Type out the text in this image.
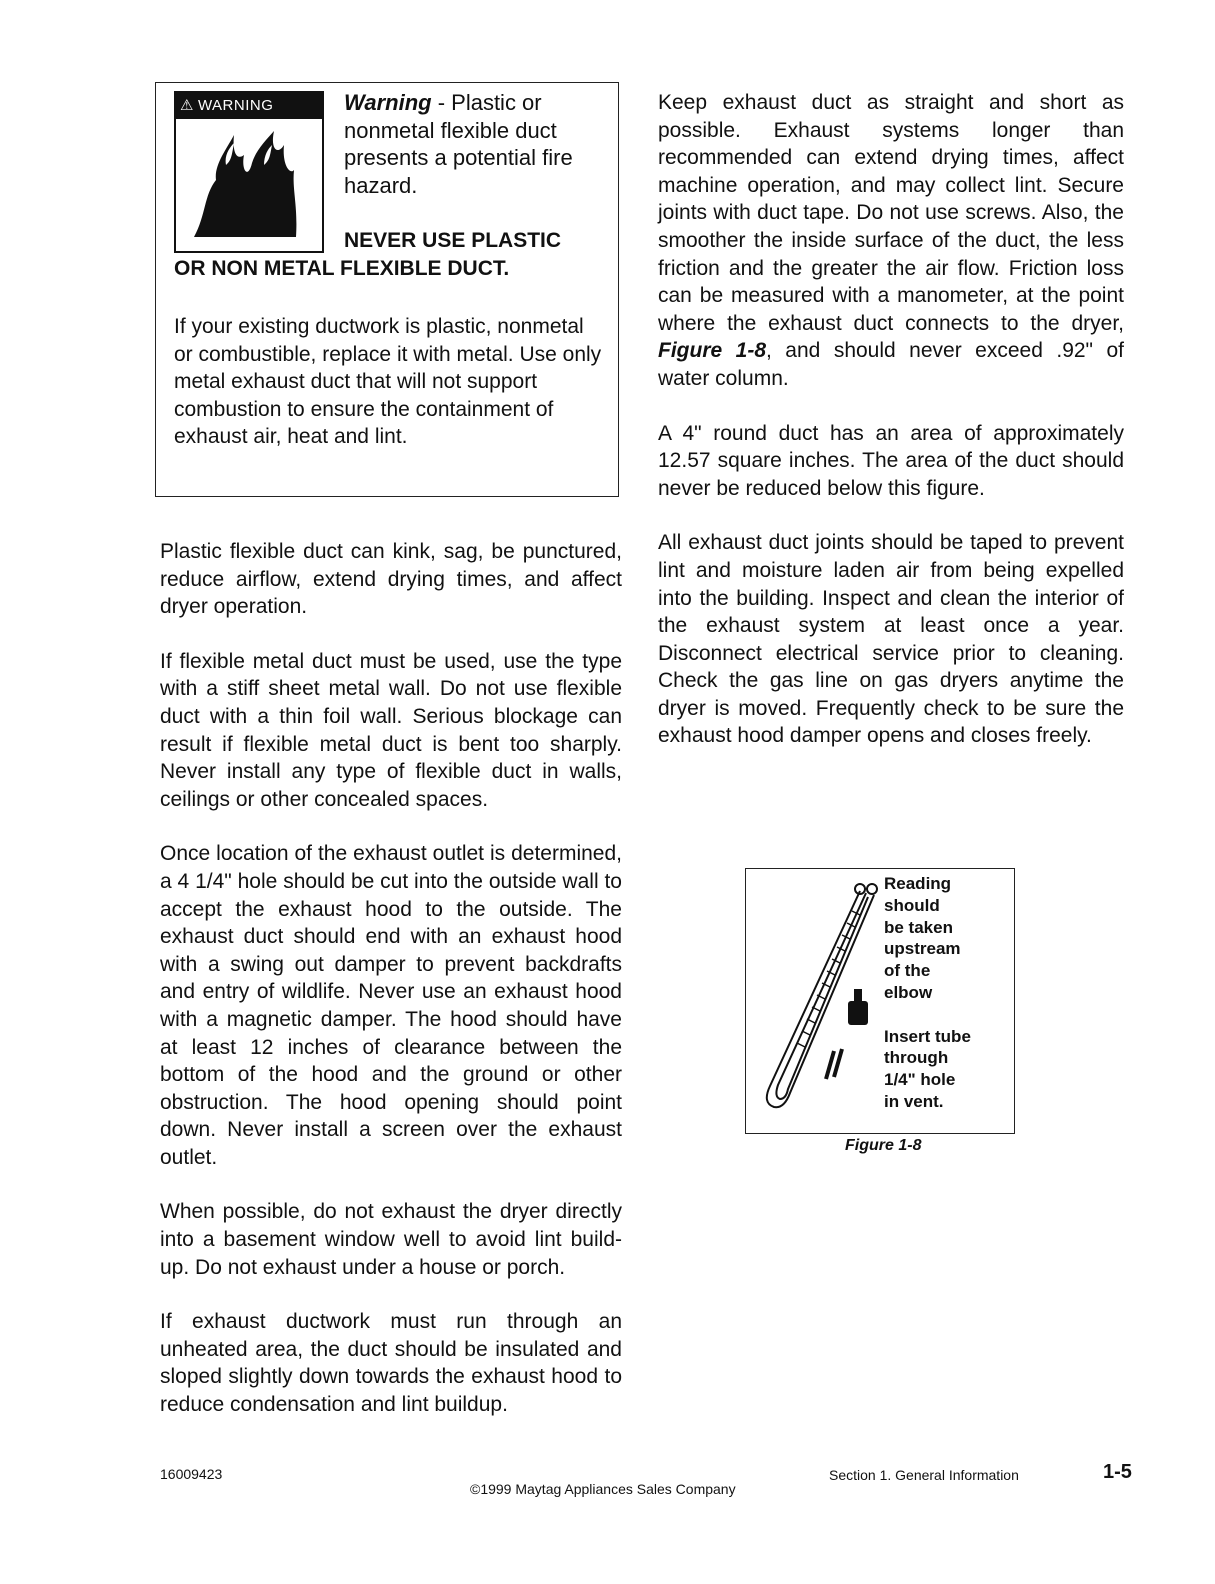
⚠ WARNING	Warning - Plastic or nonmetal flexible duct presents a potential fire hazard.
NEVER USE PLASTIC
OR NON METAL FLEXIBLE DUCT.
If your existing ductwork is plastic, nonmetal or combustible, replace it with metal. Use only metal exhaust duct that will not support combustion to ensure the containment of exhaust air, heat and lint.

Plastic flexible duct can kink, sag, be punctured, reduce airflow, extend drying times, and affect dryer operation.

If flexible metal duct must be used, use the type with a stiff sheet metal wall. Do not use flexible duct with a thin foil wall. Serious blockage can result if flexible metal duct is bent too sharply. Never install any type of flexible duct in walls, ceilings or other concealed spaces.

Once location of the exhaust outlet is determined, a 4 1/4" hole should be cut into the outside wall to accept the exhaust hood to the outside. The exhaust duct should end with an exhaust hood with a swing out damper to prevent backdrafts and entry of wildlife. Never use an exhaust hood with a magnetic damper. The hood should have at least 12 inches of clearance between the bottom of the hood and the ground or other obstruction. The hood opening should point down. Never install a screen over the exhaust outlet.

When possible, do not exhaust the dryer directly into a basement window well to avoid lint build-up. Do not exhaust under a house or porch.

If exhaust ductwork must run through an unheated area, the duct should be insulated and sloped slightly down towards the exhaust hood to reduce condensation and lint buildup.

Keep exhaust duct as straight and short as possible. Exhaust systems longer than recommended can extend drying times, affect machine operation, and may collect lint. Secure joints with duct tape. Do not use screws. Also, the smoother the inside surface of the duct, the less friction and the greater the air flow. Friction loss can be measured with a manometer, at the point where the exhaust duct connects to the dryer, Figure 1-8, and should never exceed .92" of water column.

A 4" round duct has an area of approximately 12.57 square inches. The area of the duct should never be reduced below this figure.

All exhaust duct joints should be taped to prevent lint and moisture laden air from being expelled into the building. Inspect and clean the interior of the exhaust system at least once a year. Disconnect electrical service prior to cleaning. Check the gas line on gas dryers anytime the dryer is moved. Frequently check to be sure the exhaust hood damper opens and closes freely.

Reading
should
be taken
upstream
of the
elbow
Insert tube
through
1/4" hole
in vent.
Figure 1-8
16009423
©1999 Maytag Appliances Sales Company
Section 1. General Information	1-5
